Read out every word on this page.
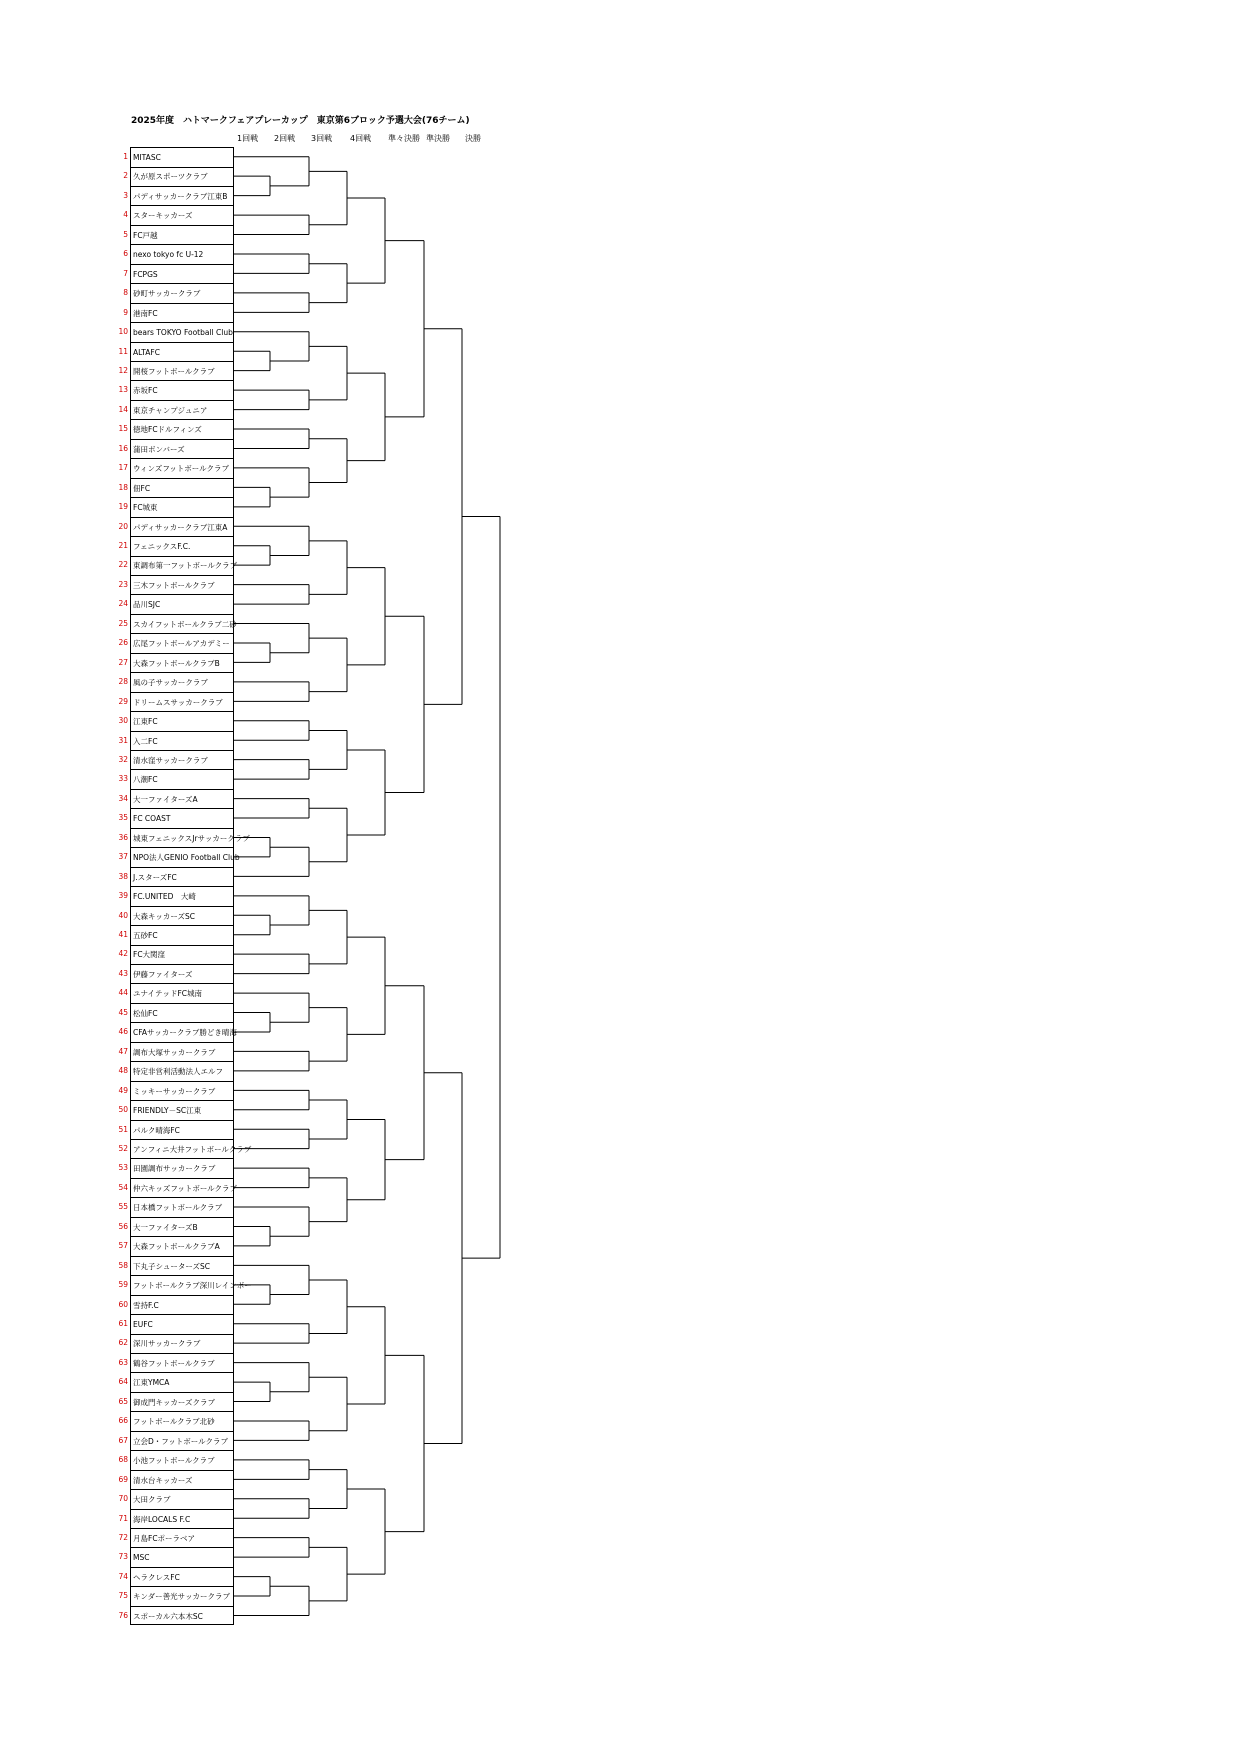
2025年度　ハトマークフェアプレーカップ　東京第6ブロック予選大会(76チーム)
1回戦 2回戦 3回戦 4回戦 準々決勝 準決勝 決勝
1
2
3
4
5
6
7
8
9
10
11
12
13
14
15
16
17
18
19
20
21
22
23
24
25
26
27
28
29
30
31
32
33
34
35
36
37
38
39
40
41
42
43
44
45
46
47
48
49
50
51
52
53
54
55
56
57
58
59
60
61
62
63
64
65
66
67
68
69
70
71
72
73
74
75
76
MITASC
久が原スポーツクラブ
パディサッカークラブ江東B
スターキッカーズ
FC戸越
nexo tokyo fc U-12
FCPGS
砂町サッカークラブ
港南FC
bears TOKYO Football Club
ALTAFC
開桜フットボールクラブ
赤坂FC
東京チャンプジュニア
徳地FCドルフィンズ
蒲田ボンバーズ
ウィンズフットボールクラブ
佃FC
FC城東
パディサッカークラブ江東A
フェニックスF.C.
東調布第一フットボールクラブ
三木フットボールクラブ
品川SJC
スカイフットボールクラブ二砂
広尾フットボールアカデミー
大森フットボールクラブB
風の子サッカークラブ
ドリームスサッカークラブ
江東FC
入二FC
清水窪サッカークラブ
八潮FC
大一ファイターズA
FC COAST
城東フェニックスJrサッカークラブ
NPO法人GENIO Football Club
J.スターズFC
FC.UNITED　大崎
大森キッカーズSC
五砂FC
FC大関窪
伊藤ファイターズ
ユナイテッドFC城南
松仙FC
CFAサッカークラブ勝どき晴海
調布大塚サッカークラブ
特定非営利活動法人エルフ
ミッキーサッカークラブ
FRIENDLY－SC江東
パルク晴海FC
アンフィニ大井フットボールクラブ
田園調布サッカークラブ
仲六キッズフットボールクラブ
日本橋フットボールクラブ
大一ファイターズB
大森フットボールクラブA
下丸子シューターズSC
フットボールクラブ深川レインボー
雪持F.C
EUFC
深川サッカークラブ
鶴谷フットボールクラブ
江東YMCA
御成門キッカーズクラブ
フットボールクラブ北砂
立会D・フットボールクラブ
小池フットボールクラブ
清水台キッカーズ
大田クラブ
海岸LOCALS F.C
月島FCポーラベア
MSC
ヘラクレスFC
キンダー善光サッカークラブ
スポーカル六本木SC
